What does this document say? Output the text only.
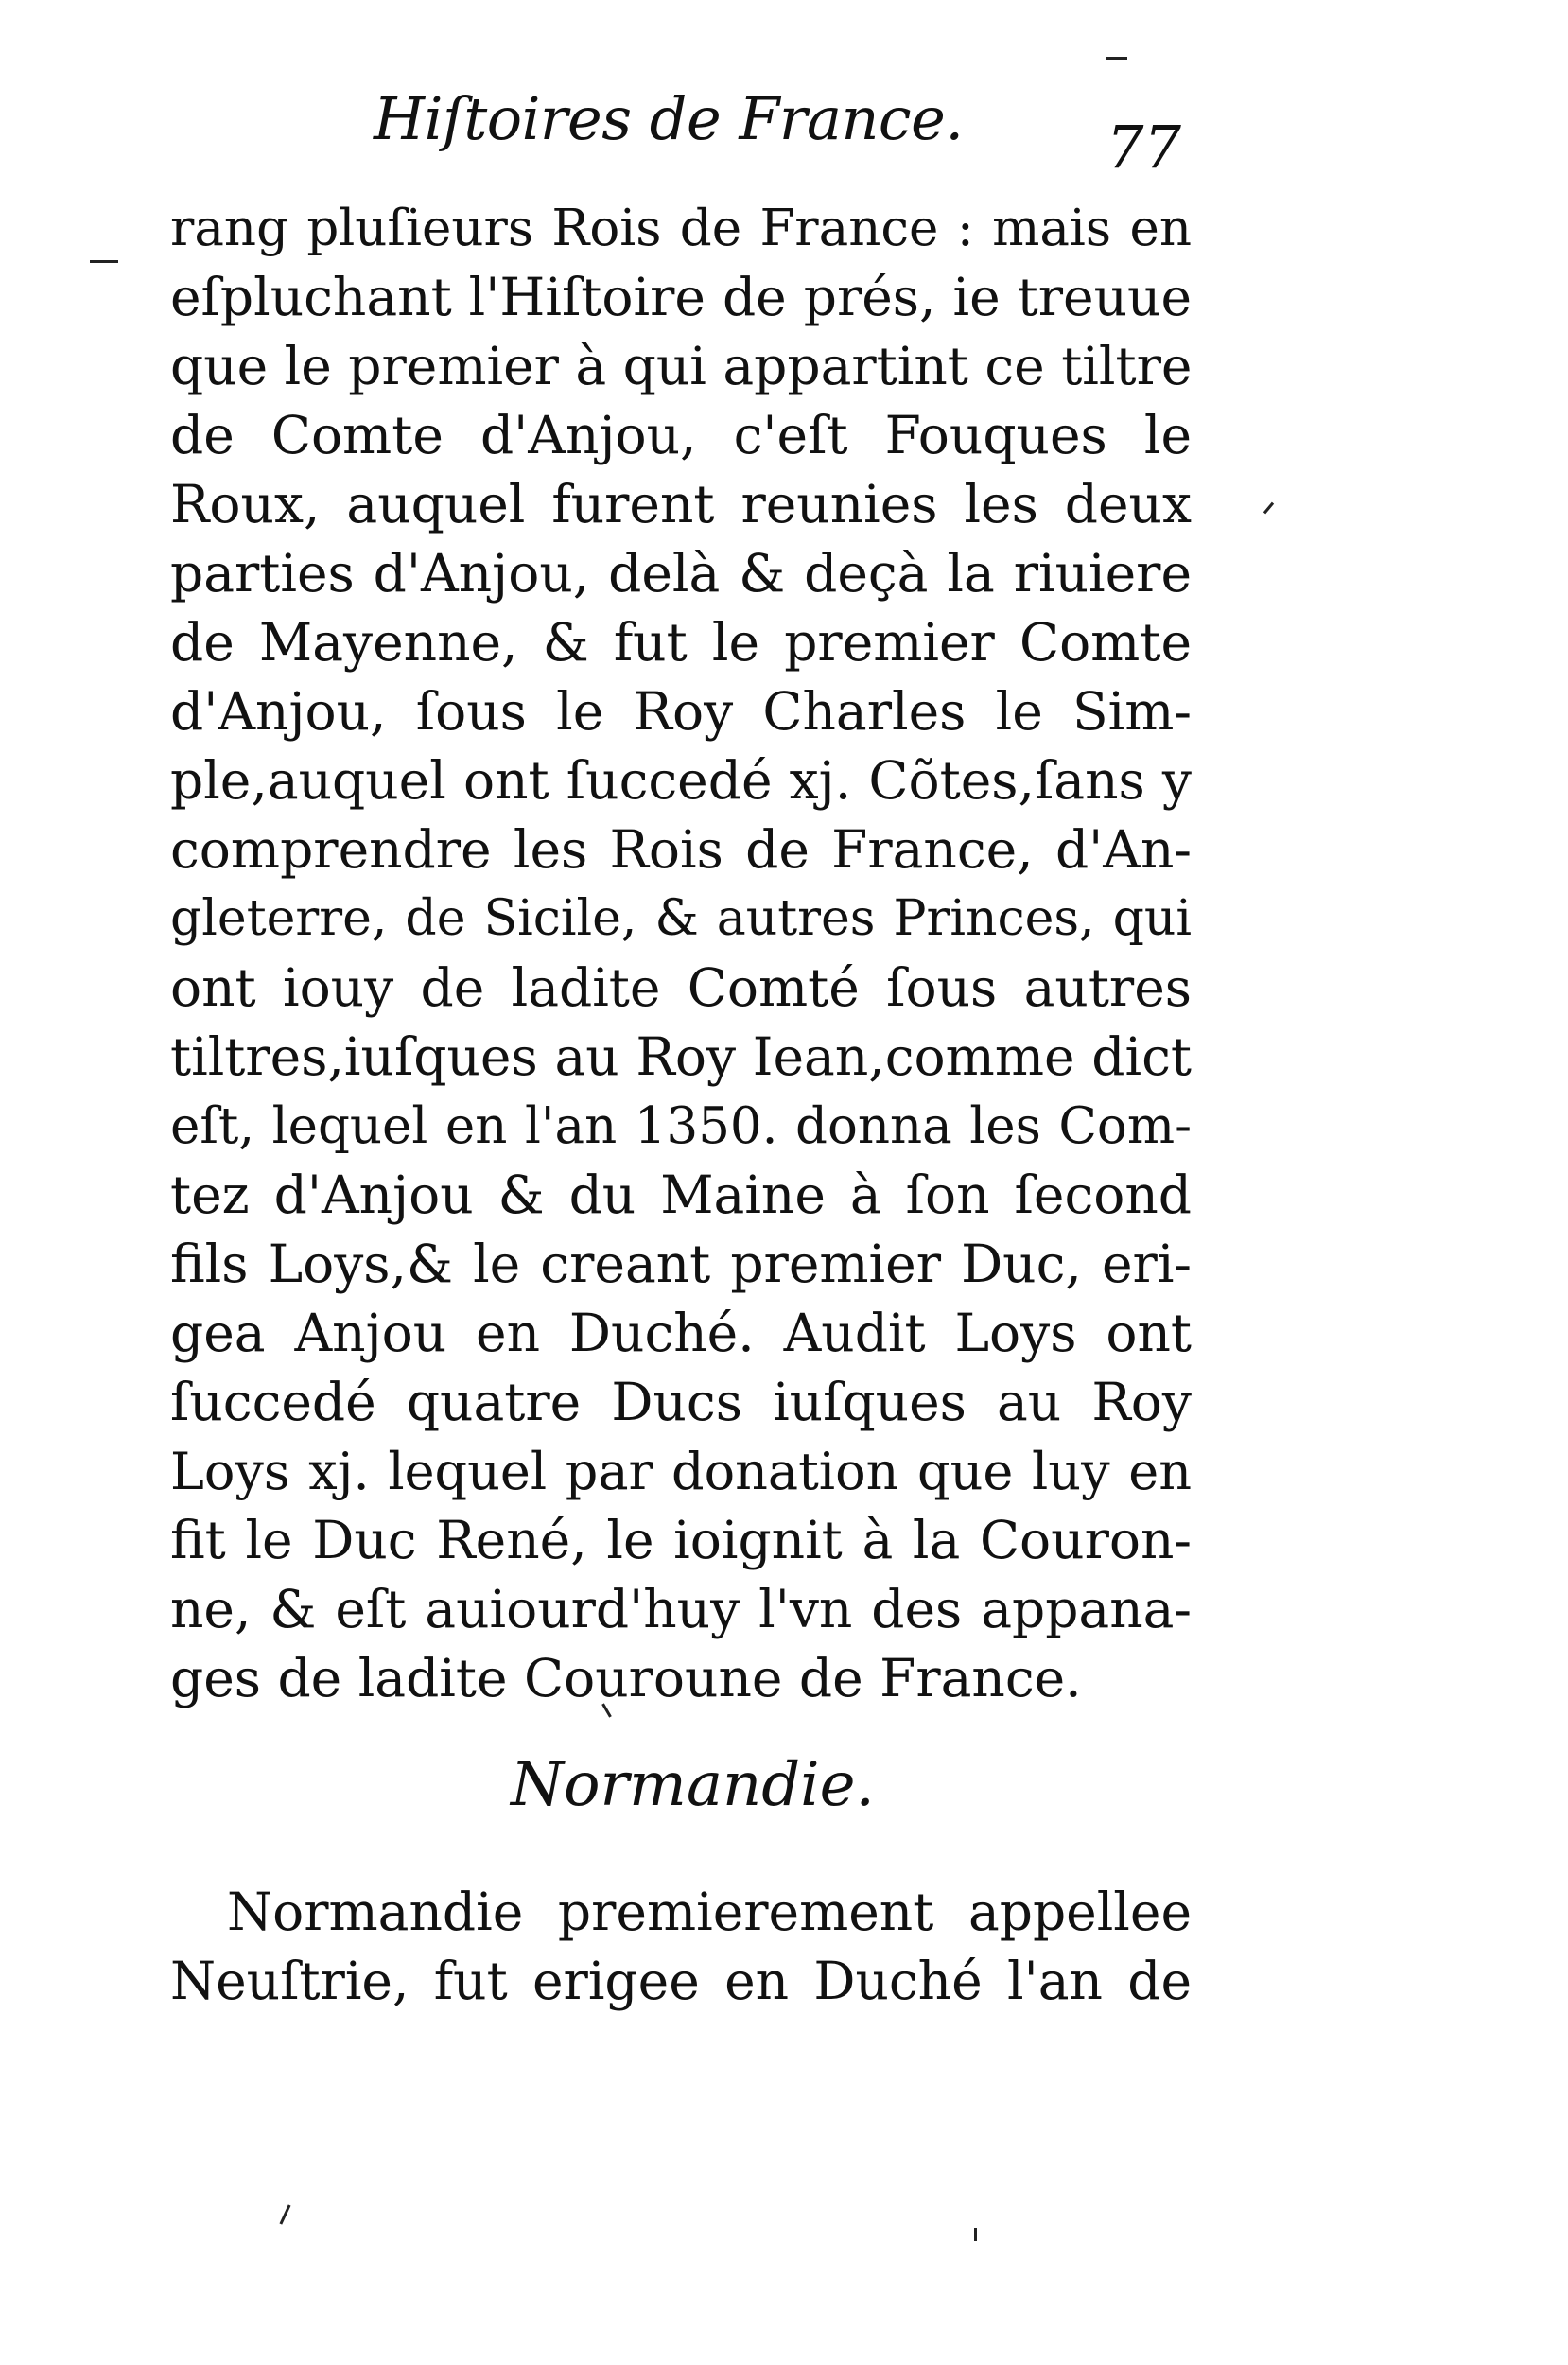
Hiſtoires de France. 77
rang pluſieurs Rois de France : mais en
eſpluchant l'Hiſtoire de prés, ie treuue
que le premier à qui appartint ce tiltre
de Comte d'Anjou, c'eſt Fouques le
Roux, auquel furent reunies les deux
parties d'Anjou, delà & deçà la riuiere
de Mayenne, & fut le premier Comte
d'Anjou, ſous le Roy Charles le Sim-
ple,auquel ont ſuccedé xj. Cõtes,ſans y
comprendre les Rois de France, d'An-
gleterre, de Sicile, & autres Princes, qui
ont iouy de ladite Comté ſous autres
tiltres,iuſques au Roy Iean,comme dict
eſt, lequel en l'an 1350. donna les Com-
tez d'Anjou & du Maine à ſon ſecond
fils Loys,& le creant premier Duc, eri-
gea Anjou en Duché. Audit Loys ont
ſuccedé quatre Ducs iuſques au Roy
Loys xj. lequel par donation que luy en
fit le Duc René, le ioignit à la Couron-
ne, & eſt auiourd'huy l'vn des appana-
ges de ladite Couroune de France.
Normandie.
Normandie premierement appellee
Neuſtrie, fut erigee en Duché l'an de
